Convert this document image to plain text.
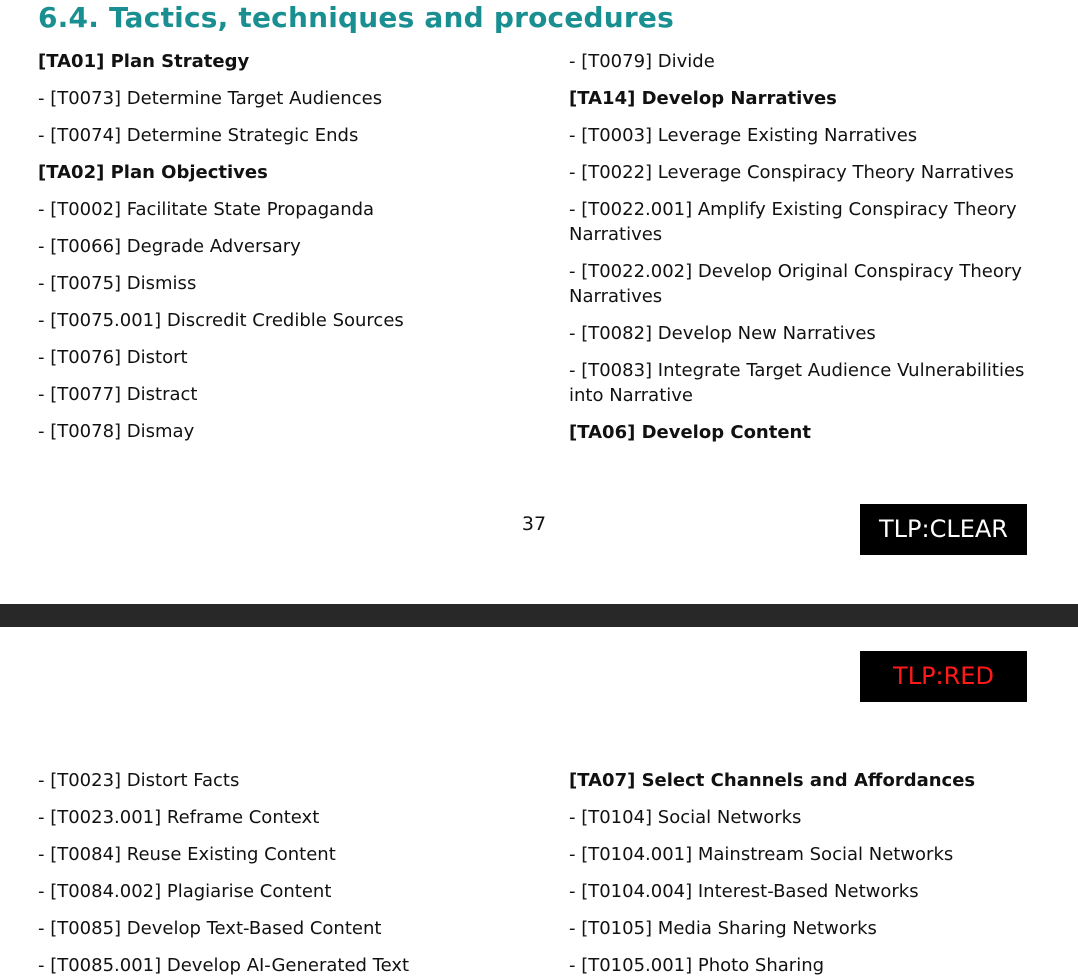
6.4. Tactics, techniques and procedures
[TA01] Plan Strategy
- [T0073] Determine Target Audiences
- [T0074] Determine Strategic Ends
[TA02] Plan Objectives
- [T0002] Facilitate State Propaganda
- [T0066] Degrade Adversary
- [T0075] Dismiss
- [T0075.001] Discredit Credible Sources
- [T0076] Distort
- [T0077] Distract
- [T0078] Dismay
- [T0079] Divide
[TA14] Develop Narratives
- [T0003] Leverage Existing Narratives
- [T0022] Leverage Conspiracy Theory Narratives
- [T0022.001] Amplify Existing Conspiracy Theory Narratives
- [T0022.002] Develop Original Conspiracy Theory Narratives
- [T0082] Develop New Narratives
- [T0083] Integrate Target Audience Vulnerabilities into Narrative
[TA06] Develop Content
37	TLP:CLEAR
TLP:RED
- [T0023] Distort Facts
- [T0023.001] Reframe Context
- [T0084] Reuse Existing Content
- [T0084.002] Plagiarise Content
- [T0085] Develop Text-Based Content
- [T0085.001] Develop AI-Generated Text
[TA07] Select Channels and Affordances
- [T0104] Social Networks
- [T0104.001] Mainstream Social Networks
- [T0104.004] Interest-Based Networks
- [T0105] Media Sharing Networks
- [T0105.001] Photo Sharing
